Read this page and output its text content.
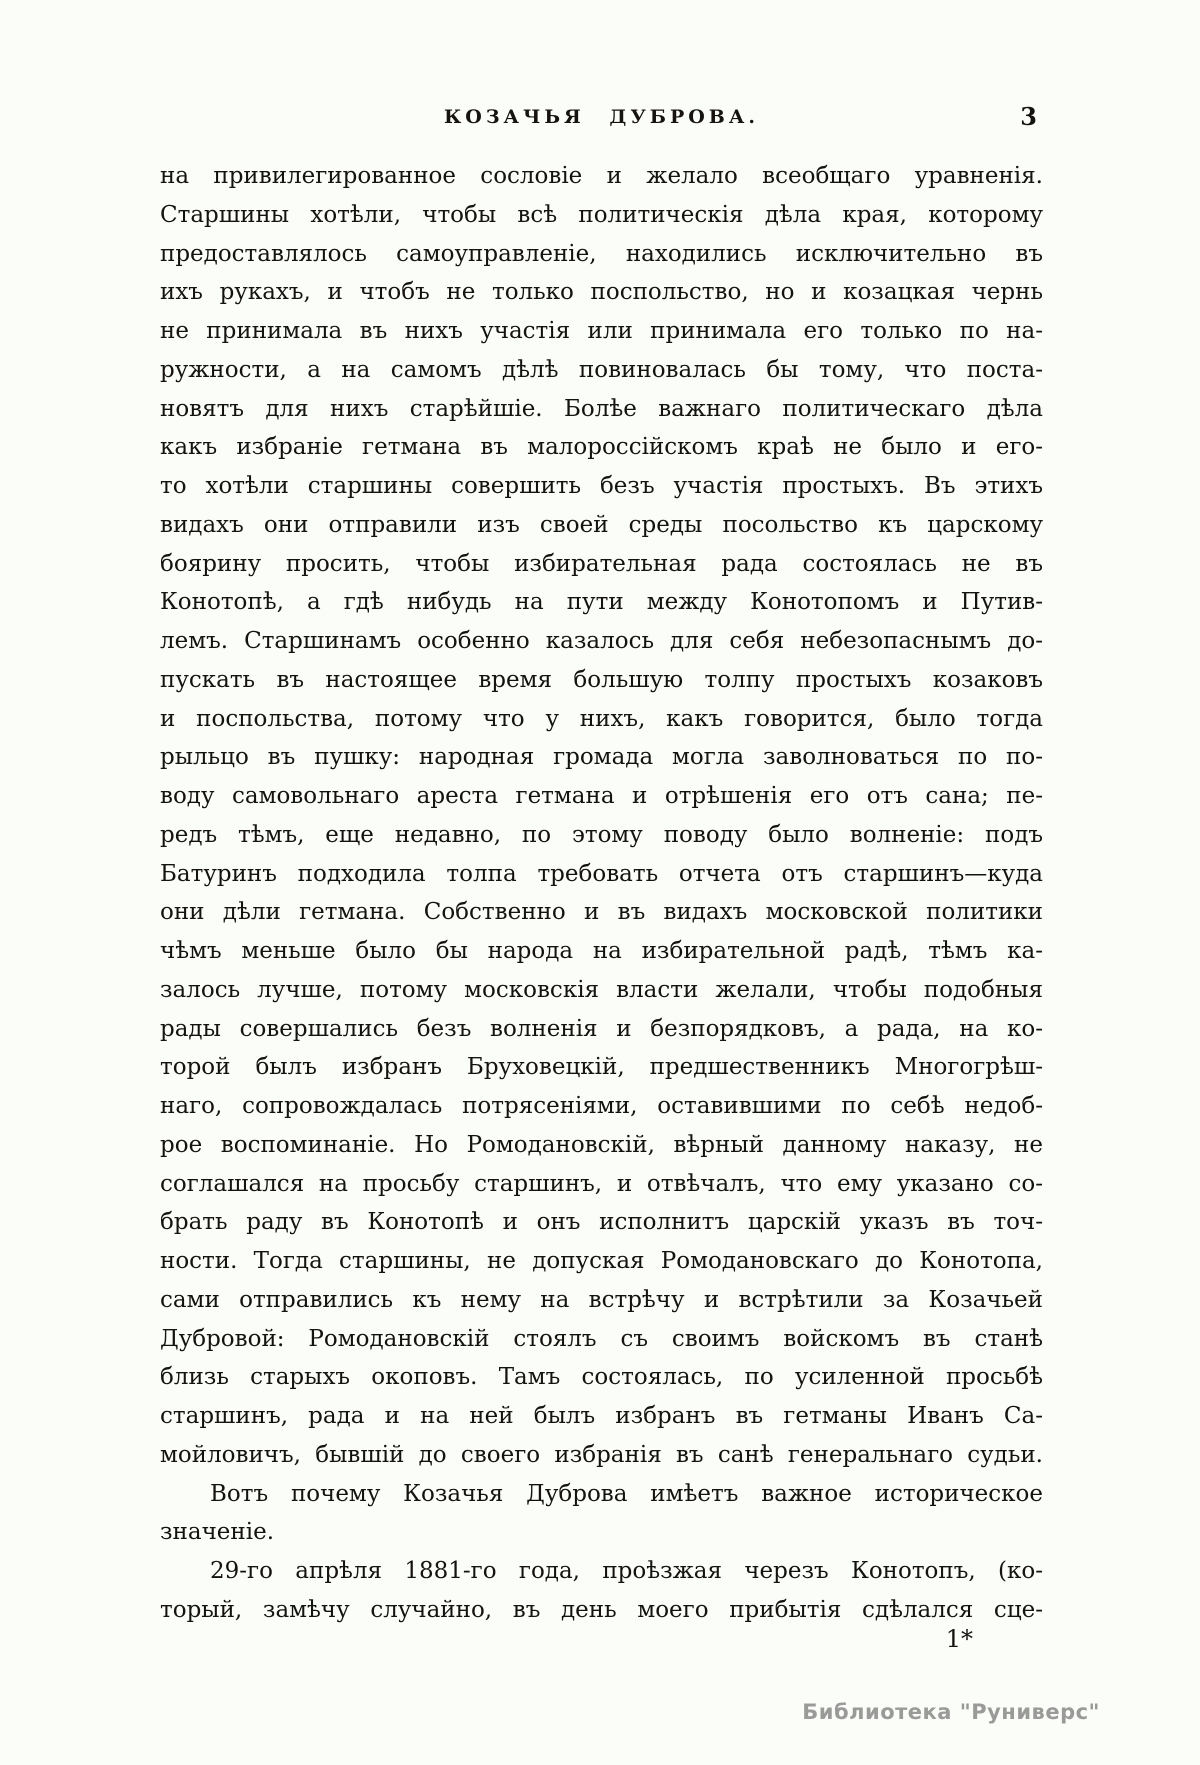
КОЗАЧЬЯ ДУБРОВА.	3
на привилегированное сословіе и желало всеобщаго уравненія.
Старшины хотѣли, чтобы всѣ политическія дѣла края, которому
предоставлялось самоуправленіе, находились исключительно въ
ихъ рукахъ, и чтобъ не только поспольство, но и козацкая чернь
не принимала въ нихъ участія или принимала его только по на-
ружности, а на самомъ дѣлѣ повиновалась бы тому, что поста-
новятъ для нихъ старѣйшіе. Болѣе важнаго политическаго дѣла
какъ избраніе гетмана въ малороссійскомъ краѣ не было и его-
то хотѣли старшины совершить безъ участія простыхъ. Въ этихъ
видахъ они отправили изъ своей среды посольство къ царскому
боярину просить, чтобы избирательная рада состоялась не въ
Конотопѣ, а гдѣ нибудь на пути между Конотопомъ и Путив-
лемъ. Старшинамъ особенно казалось для себя небезопаснымъ до-
пускать въ настоящее время большую толпу простыхъ козаковъ
и поспольства, потому что у нихъ, какъ говорится, было тогда
рыльцо въ пушку: народная громада могла заволноваться по по-
воду самовольнаго ареста гетмана и отрѣшенія его отъ сана; пе-
редъ тѣмъ, еще недавно, по этому поводу было волненіе: подъ
Батуринъ подходила толпа требовать отчета отъ старшинъ—куда
они дѣли гетмана. Собственно и въ видахъ московской политики
чѣмъ меньше было бы народа на избирательной радѣ, тѣмъ ка-
залось лучше, потому московскія власти желали, чтобы подобныя
рады совершались безъ волненія и безпорядковъ, а рада, на ко-
торой былъ избранъ Бруховецкій, предшественникъ Многогрѣш-
наго, сопровождалась потрясеніями, оставившими по себѣ недоб-
рое воспоминаніе. Но Ромодановскій, вѣрный данному наказу, не
соглашался на просьбу старшинъ, и отвѣчалъ, что ему указано со-
брать раду въ Конотопѣ и онъ исполнитъ царскій указъ въ точ-
ности. Тогда старшины, не допуская Ромодановскаго до Конотопа,
сами отправились къ нему на встрѣчу и встрѣтили за Козачьей
Дубровой: Ромодановскій стоялъ съ своимъ войскомъ въ станѣ
близь старыхъ окоповъ. Тамъ состоялась, по усиленной просьбѣ
старшинъ, рада и на ней былъ избранъ въ гетманы Иванъ Са-
мойловичъ, бывшій до своего избранія въ санѣ генеральнаго судьи.
Вотъ почему Козачья Дуброва имѣетъ важное историческое
значеніе.
29-го апрѣля 1881-го года, проѣзжая черезъ Конотопъ, (ко-
торый, замѣчу случайно, въ день моего прибытія сдѣлался сце-
1*
Библиотека "Руниверс"
